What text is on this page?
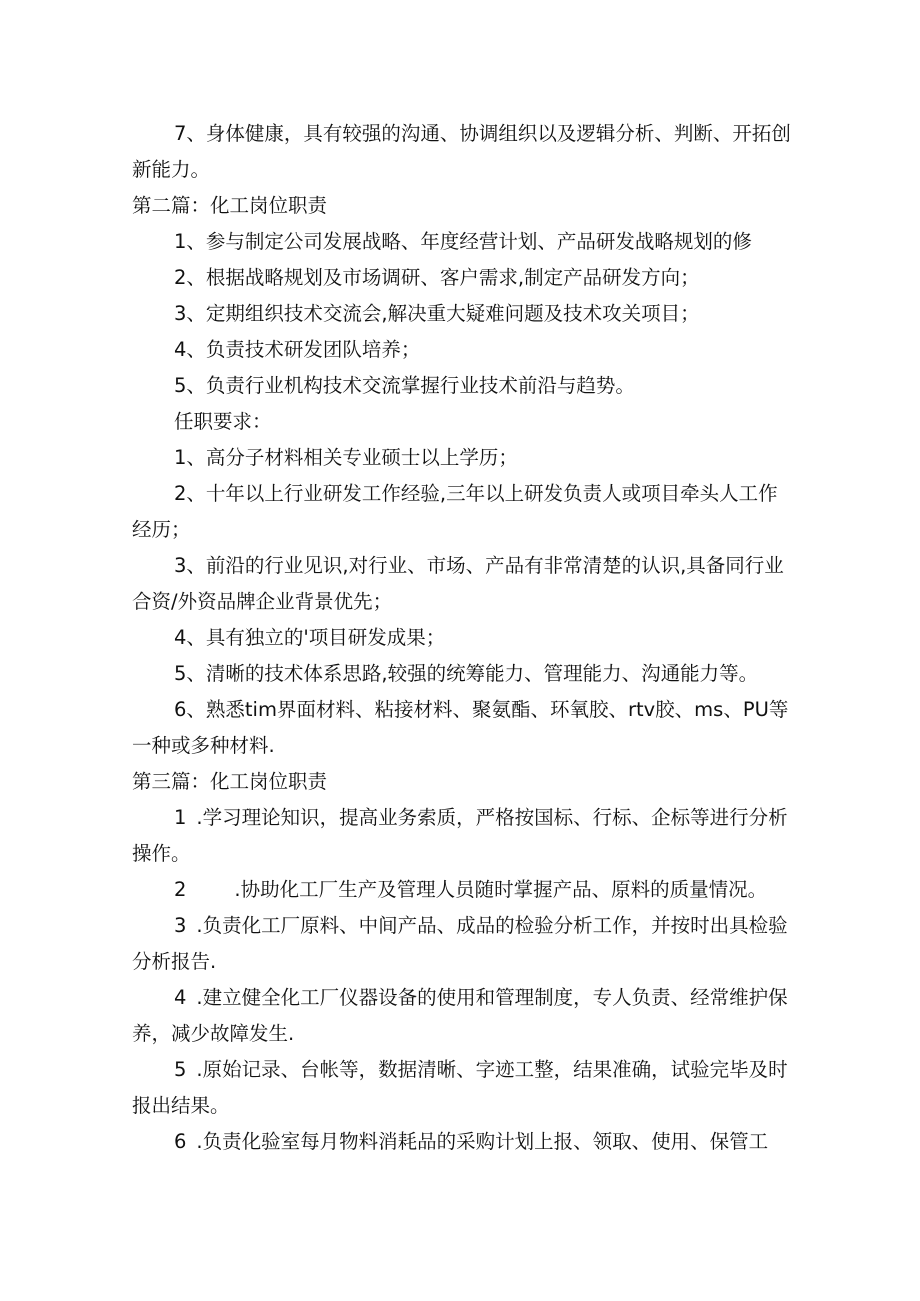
7、身体健康，具有较强的沟通、协调组织以及逻辑分析、判断、开拓创新能力。

第二篇：化工岗位职责

1、参与制定公司发展战略、年度经营计划、产品研发战略规划的修

2、根据战略规划及市场调研、客户需求,制定产品研发方向；

3、定期组织技术交流会,解决重大疑难问题及技术攻关项目；

4、负责技术研发团队培养；

5、负责行业机构技术交流掌握行业技术前沿与趋势。

任职要求：

1、高分子材料相关专业硕士以上学历；

2、十年以上行业研发工作经验,三年以上研发负责人或项目牵头人工作经历；

3、前沿的行业见识,对行业、市场、产品有非常清楚的认识,具备同行业合资/外资品牌企业背景优先；

4、具有独立的'项目研发成果；

5、清晰的技术体系思路,较强的统筹能力、管理能力、沟通能力等。

6、熟悉tim界面材料、粘接材料、聚氨酯、环氧胶、rtv胶、ms、PU等一种或多种材料.

第三篇：化工岗位职责

1 .学习理论知识，提高业务索质，严格按国标、行标、企标等进行分析操作。

2 .协助化工厂生产及管理人员随时掌握产品、原料的质量情况。

3 .负责化工厂原料、中间产品、成品的检验分析工作，并按时出具检验分析报告.

4 .建立健全化工厂仪器设备的使用和管理制度，专人负责、经常维护保养，减少故障发生.

5 .原始记录、台帐等，数据清晰、字迹工整，结果准确，试验完毕及时报出结果。

6 .负责化验室每月物料消耗品的采购计划上报、领取、使用、保管工
